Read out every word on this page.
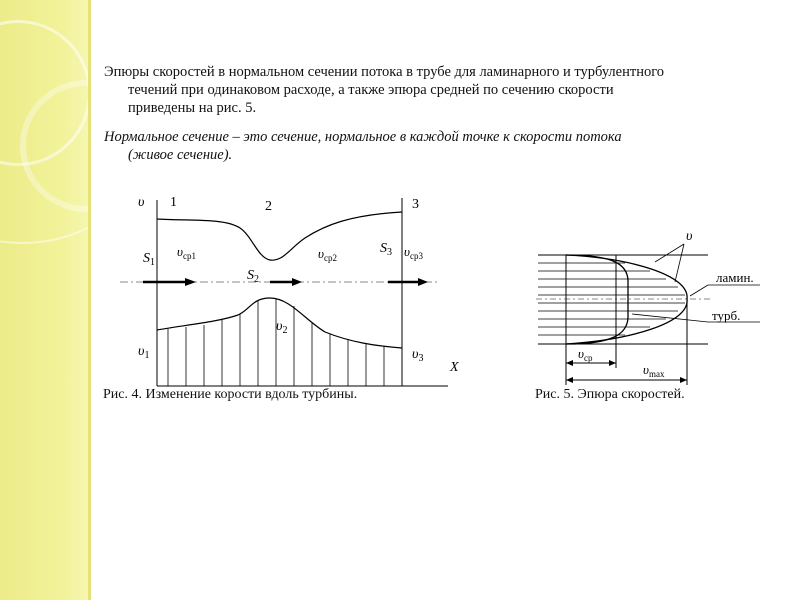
Эпюры скоростей в нормальном сечении потока в трубе для ламинарного и турбулентного

течений при одинаковом расходе, а также эпюра средней по сечению скорости
приведены на рис. 5.
Нормальное сечение – это сечение, нормальное в каждой точке к скорости потока

(живое сечение).
υ 1	2	3
$S_1$
$S_2$
$S_3$
$\upsilon_{cp1}$	$\upsilon_{cp2}$	$\upsilon_{cp3}$
$\upsilon_1$
$\upsilon_2$
$\upsilon_3$
X
υ
ламин.
турб.
$\upsilon_{cp}$
$\upsilon_{max}$
Рис. 4. Изменение корости вдоль турбины.	Рис. 5. Эпюра скоростей.
